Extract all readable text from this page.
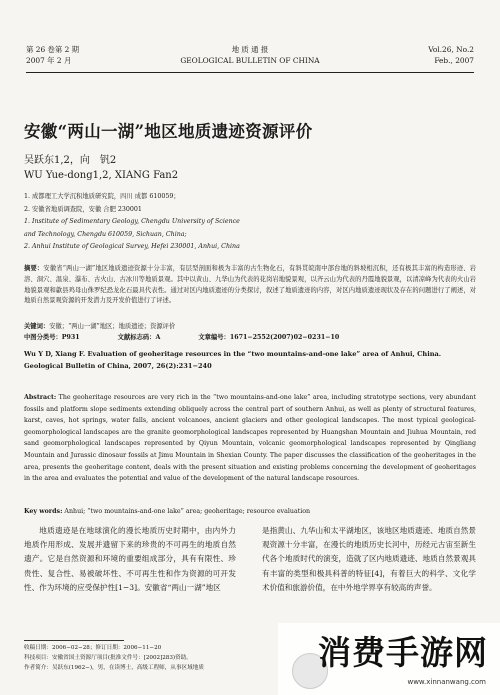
第 26 卷第 2 期
2007 年 2 月
地 质 通 报
GEOLOGICAL BULLETIN OF CHINA
Vol.26, No.2
Feb., 2007
安徽“两山一湖”地区地质遗迹资源评价
吴跃东1,2，向　钒2
WU Yue-dong1,2, XIANG Fan2
1. 成都理工大学沉积地质研究院，四川 成都 610059；
2. 安徽省地质调查院，安徽 合肥 230001
1. Institute of Sedimentary Geology, Chengdu University of Science
and Technology, Chengdu 610059, Sichuan, China;
2. Anhui Institute of Geological Survey, Hefei 230001, Anhui, China
摘要：安徽省“两山一湖”地区地质遗迹资源十分丰富，有层型剖面和极为丰富的古生物化石，有斜贯皖南中部台地的斜坡相沉积，还有极其丰富的构造形迹、岩溶、洞穴、温泉、瀑布、古火山、古冰川等地质景观。其中以黄山、九华山为代表的花岗岩地貌景观，以齐云山为代表的丹霞地貌景观，以清凉峰为代表的火山岩地貌景观和歙县鸡母山侏罗纪恐龙化石最具代表性。通过对区内地质遗迹的分类探讨，叙述了地质遗迹的内容，对区内地质遗迹现状及存在的问题进行了阐述，对地质自然景观资源的开发潜力及开发价值进行了评述。
关键词：安徽；“两山一湖”地区；地质遗迹；资源评价
中图分类号：P931	文献标志码：A	文章编号：1671−2552(2007)02−0231−10
Wu Y D, Xiang F. Evaluation of geoheritage resources in the “two mountains-and-one lake” area of Anhui, China. Geological Bulletin of China, 2007, 26(2):231−240
Abstract: The geoheritage resources are very rich in the “two mountains-and-one lake” area, including stratotype sections, very abundant fossils and platform slope sediments extending obliquely across the central part of southern Anhui, as well as plenty of structural features, karst, caves, hot springs, water falls, ancient volcanoes, ancient glaciers and other geological landscapes. The most typical geological-geomorphological landscapes are the granite geomorphological landscapes represented by Huangshan Mountain and Jiuhua Mountain, red sand geomorphological landscapes represented by Qiyun Mountain, volcanic geomorphological landscapes represented by Qingliang Mountain and Jurassic dinosaur fossils at Jimu Mountain in Shexian County. The paper discusses the classification of the geoheritages in the area, presents the geoheritage content, deals with the present situation and existing problems concerning the development of geoheritages in the area and evaluates the potential and value of the development of the natural landscape resources.
Key words: Anhui; “two mountains-and-one lake” area; geoheritage; resource evaluation
地质遗迹是在地球演化的漫长地质历史时期中，由内外力地质作用形成、发展并遗留下来的珍贵的不可再生的地质自然遗产。它是自然资源和环境的重要组成部分，具有有限性、珍贵性、复合性、易被破坏性、不可再生性和作为资源的可开发性、作为环境的应受保护性[1−3]。安徽省“两山一湖”地区
是指黄山、九华山和太平湖地区，该地区地质遗迹、地质自然景观资源十分丰富，在漫长的地质历史长河中，历经元古宙至新生代各个地质时代的演变，造就了区内地质遗迹、地质自然景观具有丰富的类型和极具科普的特征[4]，有着巨大的科学、文化学术价值和旅游价值，在中外地学界享有较高的声誉。
收稿日期：2006−02−28；修订日期：2006−11−20
科技项目：安徽省国土资源厅项目(批准文件号：[2002]283)资助。
作者简介：吴跃东(1962−)，男，在读博士，高级工程师，从事区域地质	消费手游网
www.xinnanwang.com
